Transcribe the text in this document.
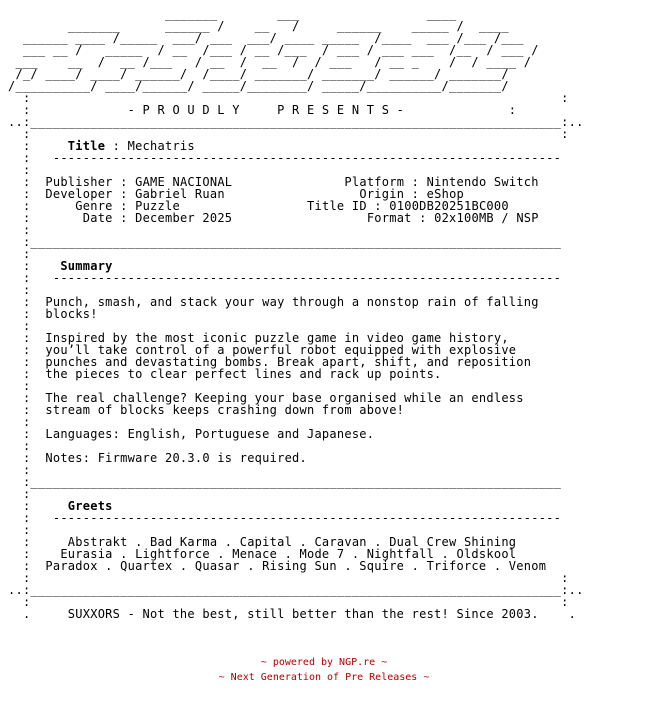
_______        ___                 ____
_______      ______ /    __   /     ______    _____ /  ____
______ ____ /_____  ___/ ___  ___/ ____ _____  /____  ___ /___ /___
___ __ /   _____  / __  /___ / __ /___  / ___ / ___ ___  /__  / ___ /
___    __  /  __ /___   / __  /  __  /  / ___   / __ _    /  / ____ /
/_/ ____/ ____/ ______/  /____/ _______/ _______/ ______/ _______/
/__________/ ____/______/ _____/________/ _____/__________/_______/
:                                                                       :
:             - P R O U D L Y     P R E S E N T S -              :
..:_______________________________________________________________________:..
:                                                                       :
:     Title : Mechatris
:   --------------------------------------------------------------------
:
:  Publisher : GAME NACIONAL	Platform : Nintendo Switch
:  Developer : Gabriel Ruan	Origin : eShop
:      Genre : Puzzle	Title ID : 0100DB20251BC000
:       Date : December 2025	Format : 02x100MB / NSP
:
:_______________________________________________________________________
:
:    Summary
:   --------------------------------------------------------------------
:
:  Punch, smash, and stack your way through a nonstop rain of falling
:  blocks!
:
:  Inspired by the most iconic puzzle game in video game history,
:  you’ll take control of a powerful robot equipped with explosive
:  punches and devastating bombs. Break apart, shift, and reposition
:  the pieces to clear perfect lines and rack up points.
:
:  The real challenge? Keeping your base organised while an endless
:  stream of blocks keeps crashing down from above!
:
:  Languages: English, Portuguese and Japanese.
:
:  Notes: Firmware 20.3.0 is required.
:
:_______________________________________________________________________
:
:     Greets
:   --------------------------------------------------------------------
:
:     Abstrakt . Bad Karma . Capital . Caravan . Dual Crew Shining
:    Eurasia . Lightforce . Menace . Mode 7 . Nightfall . Oldskool
:  Paradox . Quartex . Quasar . Rising Sun . Squire . Triforce . Venom
:                                                                       :
..:_______________________________________________________________________:..
:                                                                       :
.     SUXXORS - Not the best, still better than the rest! Since 2003.    .
~ powered by NGP.re ~
~ Next Generation of Pre Releases ~
